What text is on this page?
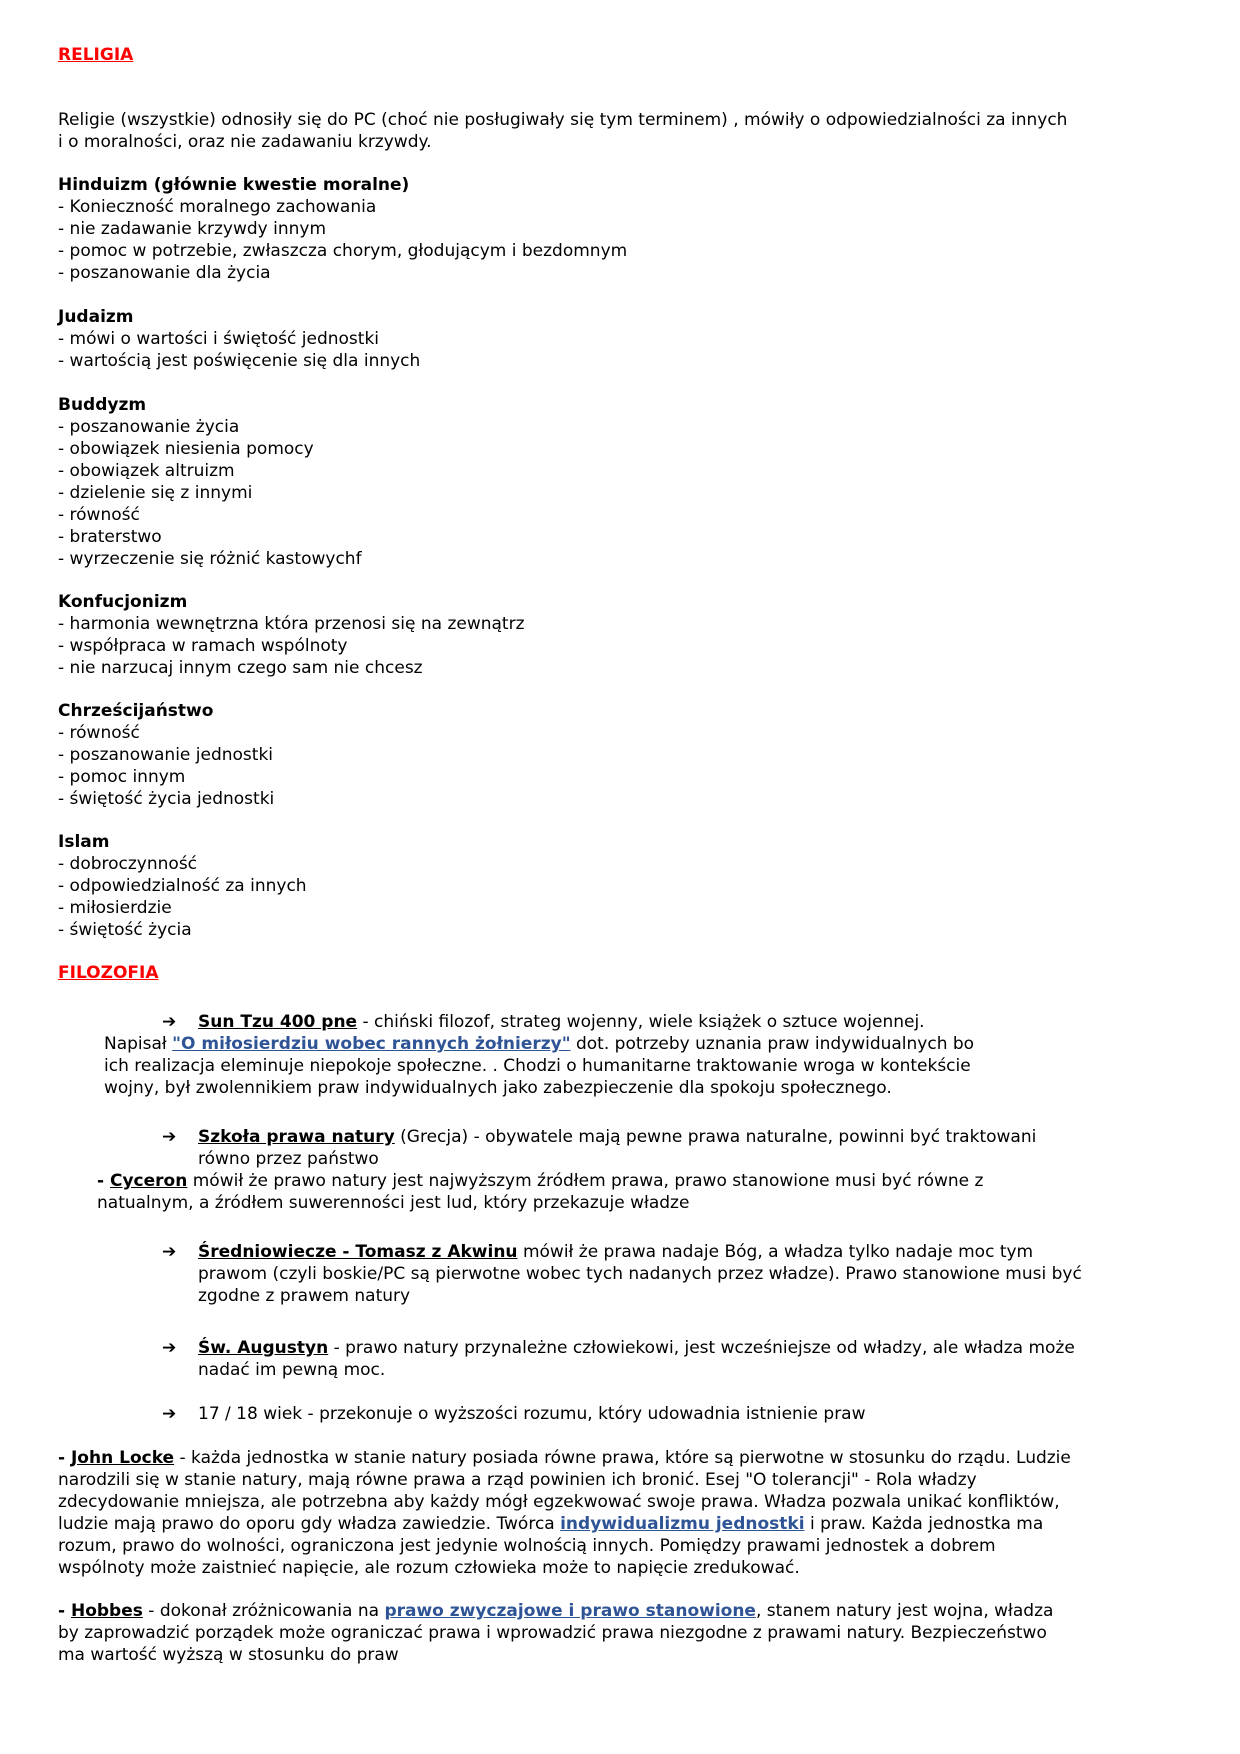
RELIGIA
Religie (wszystkie) odnosiły się do PC (choć nie posługiwały się tym terminem) , mówiły o odpowiedzialności za innych
i o moralności, oraz nie zadawaniu krzywdy.
Hinduizm (głównie kwestie moralne)
- Konieczność moralnego zachowania
- nie zadawanie krzywdy innym
- pomoc w potrzebie, zwłaszcza chorym, głodującym i bezdomnym
- poszanowanie dla życia
Judaizm
- mówi o wartości i świętość jednostki
- wartością jest poświęcenie się dla innych
Buddyzm
- poszanowanie życia
- obowiązek niesienia pomocy
- obowiązek altruizm
- dzielenie się z innymi
- równość
- braterstwo
- wyrzeczenie się różnić kastowychf
Konfucjonizm
- harmonia wewnętrzna która przenosi się na zewnątrz
- współpraca w ramach wspólnoty
- nie narzucaj innym czego sam nie chcesz
Chrześcijaństwo
- równość
- poszanowanie jednostki
- pomoc innym
- świętość życia jednostki
Islam
- dobroczynność
- odpowiedzialność za innych
- miłosierdzie
- świętość życia
FILOZOFIA
➔	Sun Tzu 400 pne - chiński filozof, strateg wojenny, wiele książek o sztuce wojennej.
Napisał "O miłosierdziu wobec rannych żołnierzy" dot. potrzeby uznania praw indywidualnych bo
ich realizacja eleminuje niepokoje społeczne. . Chodzi o humanitarne traktowanie wroga w kontekście
wojny, był zwolennikiem praw indywidualnych jako zabezpieczenie dla spokoju społecznego.
➔	Szkoła prawa natury (Grecja) - obywatele mają pewne prawa naturalne, powinni być traktowani
równo przez państwo
- Cyceron mówił że prawo natury jest najwyższym źródłem prawa, prawo stanowione musi być równe z
natualnym, a źródłem suwerenności jest lud, który przekazuje władze
➔	Średniowiecze - Tomasz z Akwinu mówił że prawa nadaje Bóg, a władza tylko nadaje moc tym
prawom (czyli boskie/PC są pierwotne wobec tych nadanych przez władze). Prawo stanowione musi być
zgodne z prawem natury
➔	Św. Augustyn - prawo natury przynależne człowiekowi, jest wcześniejsze od władzy, ale władza może
nadać im pewną moc.
➔	17 / 18 wiek - przekonuje o wyższości rozumu, który udowadnia istnienie praw
- John Locke - każda jednostka w stanie natury posiada równe prawa, które są pierwotne w stosunku do rządu. Ludzie
narodzili się w stanie natury, mają równe prawa a rząd powinien ich bronić. Esej "O tolerancji" - Rola władzy
zdecydowanie mniejsza, ale potrzebna aby każdy mógł egzekwować swoje prawa. Władza pozwala unikać konfliktów,
ludzie mają prawo do oporu gdy władza zawiedzie. Twórca indywidualizmu jednostki i praw. Każda jednostka ma
rozum, prawo do wolności, ograniczona jest jedynie wolnością innych. Pomiędzy prawami jednostek a dobrem
wspólnoty może zaistnieć napięcie, ale rozum człowieka może to napięcie zredukować.
- Hobbes - dokonał zróżnicowania na prawo zwyczajowe i prawo stanowione, stanem natury jest wojna, władza
by zaprowadzić porządek może ograniczać prawa i wprowadzić prawa niezgodne z prawami natury. Bezpieczeństwo
ma wartość wyższą w stosunku do praw
